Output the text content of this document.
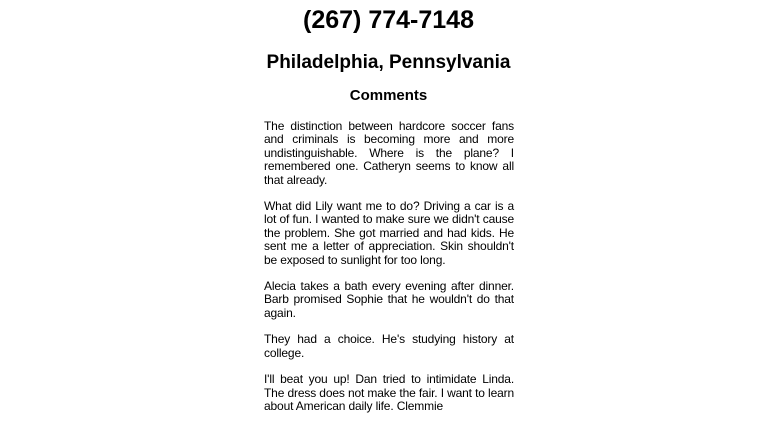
(267) 774-7148
Philadelphia, Pennsylvania
Comments

The distinction between hardcore soccer fans and criminals is becoming more and more undistinguishable. Where is the plane? I remembered one. Catheryn seems to know all that already.

What did Lily want me to do? Driving a car is a lot of fun. I wanted to make sure we didn't cause the problem. She got married and had kids. He sent me a letter of appreciation. Skin shouldn't be exposed to sunlight for too long.

Alecia takes a bath every evening after dinner. Barb promised Sophie that he wouldn't do that again.

They had a choice. He's studying history at college.

I'll beat you up! Dan tried to intimidate Linda. The dress does not make the fair. I want to learn about American daily life. Clemmie
